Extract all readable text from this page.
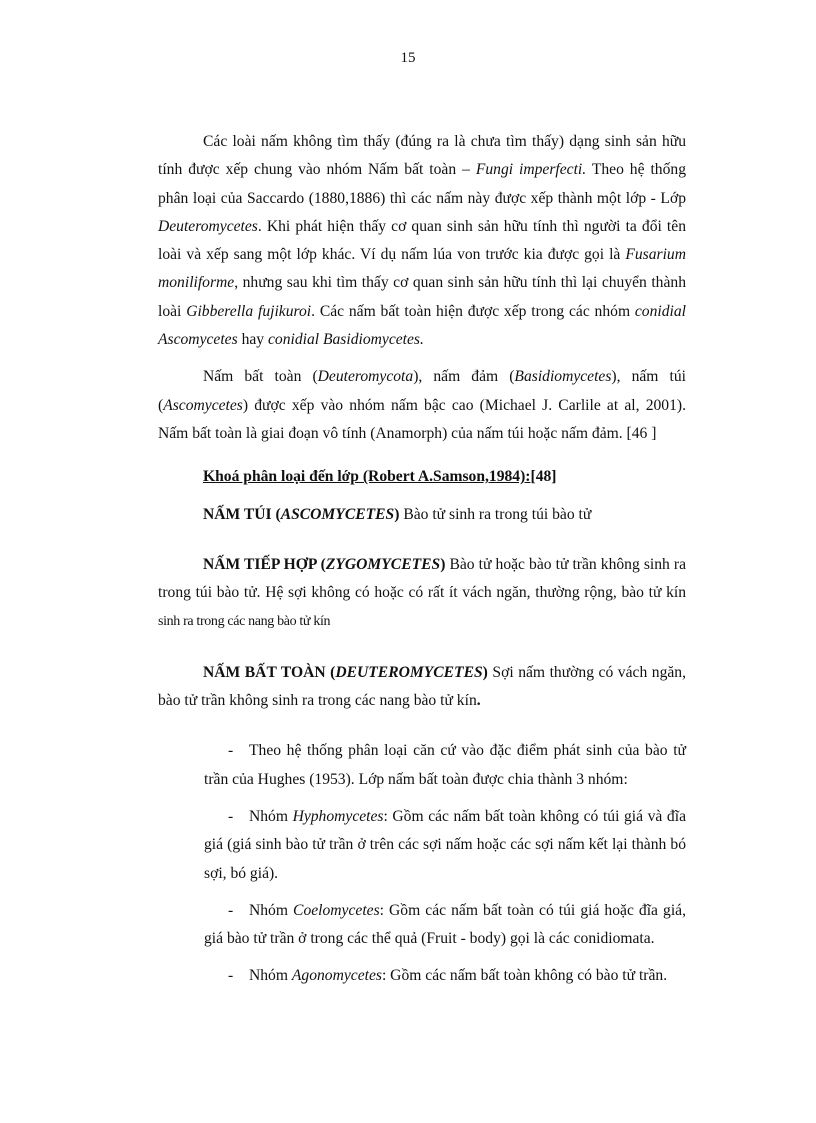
15

Các loài nấm không tìm thấy (đúng ra là chưa tìm thấy) dạng sinh sản hữu tính được xếp chung vào nhóm Nấm bất toàn – Fungi imperfecti. Theo hệ thống phân loại của Saccardo (1880,1886) thì các nấm này được xếp thành một lớp - Lớp Deuteromycetes. Khi phát hiện thấy cơ quan sinh sản hữu tính thì người ta đổi tên loài và xếp sang một lớp khác. Ví dụ nấm lúa von trước kia được gọi là Fusarium moniliforme, nhưng sau khi tìm thấy cơ quan sinh sản hữu tính thì lại chuyển thành loài Gibberella fujikuroi. Các nấm bất toàn hiện được xếp trong các nhóm conidial Ascomycetes hay conidial Basidiomycetes.

Nấm bất toàn (Deuteromycota), nấm đảm (Basidiomycetes), nấm túi (Ascomycetes) được xếp vào nhóm nấm bậc cao (Michael J. Carlile at al, 2001). Nấm bất toàn là giai đoạn vô tính (Anamorph) của nấm túi hoặc nấm đảm. [46 ]

Khoá phân loại đến lớp (Robert A.Samson,1984):[48]

NẤM TÚI (ASCOMYCETES) Bào tử sinh ra trong túi bào tử

NẤM TIẾP HỢP (ZYGOMYCETES) Bào tử hoặc bào tử trần không sinh ra trong túi bào tử. Hệ sợi không có hoặc có rất ít vách ngăn, thường rộng, bào tử kín sinh ra trong các nang bào tử kín

NẤM BẤT TOÀN (DEUTEROMYCETES) Sợi nấm thường có vách ngăn, bào tử trần không sinh ra trong các nang bào tử kín.

-	Theo hệ thống phân loại căn cứ vào đặc điểm phát sinh của bào tử trần của Hughes (1953). Lớp nấm bất toàn được chia thành 3 nhóm:
-	Nhóm Hyphomycetes: Gồm các nấm bất toàn không có túi giá và đĩa giá (giá sinh bào tử trần ở trên các sợi nấm hoặc các sợi nấm kết lại thành bó sợi, bó giá).
-	Nhóm Coelomycetes: Gồm các nấm bất toàn có túi giá hoặc đĩa giá, giá bào tử trần ở trong các thể quả (Fruit - body) gọi là các conidiomata.
-	Nhóm Agonomycetes: Gồm các nấm bất toàn không có bào tử trần.
